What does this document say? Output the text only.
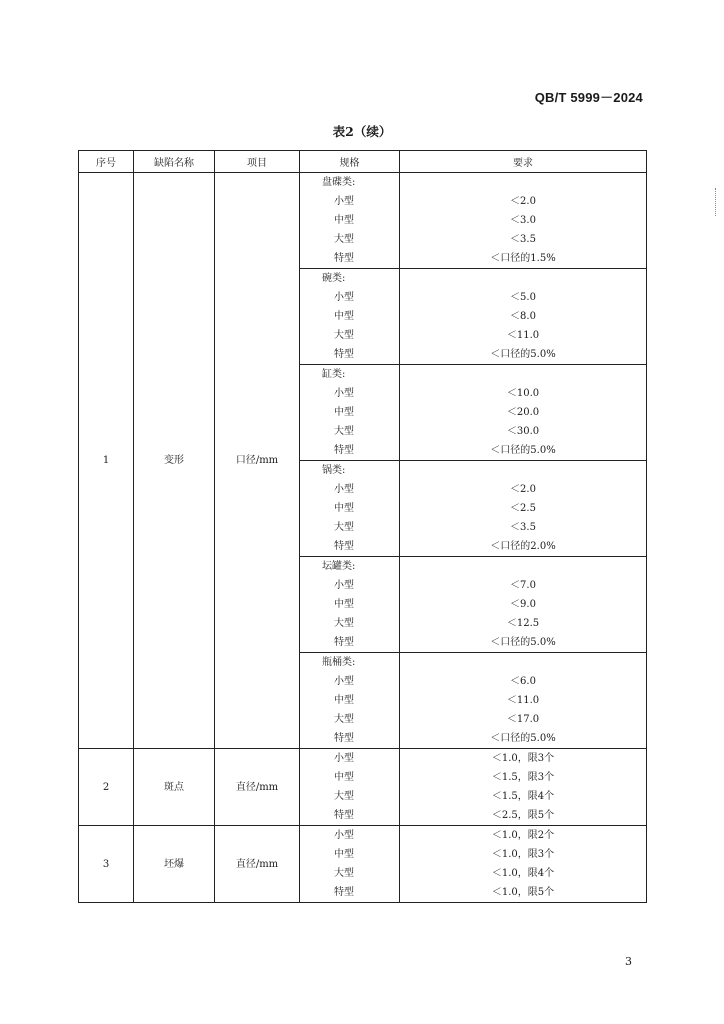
QB/T 5999－2024
表2（续）
序号	缺陷名称	项目	规格	要求
1	变形	口径/mm	盘碟类:	
			小型	＜2.0
			中型	＜3.0
			大型	＜3.5
			特型	＜口径的1.5%
			碗类:	
			小型	＜5.0
			中型	＜8.0
			大型	＜11.0
			特型	＜口径的5.0%
			缸类:	
			小型	＜10.0
			中型	＜20.0
			大型	＜30.0
			特型	＜口径的5.0%
			锅类:	
			小型	＜2.0
			中型	＜2.5
			大型	＜3.5
			特型	＜口径的2.0%
			坛罐类:	
			小型	＜7.0
			中型	＜9.0
			大型	＜12.5
			特型	＜口径的5.0%
			瓶桶类:	
			小型	＜6.0
			中型	＜11.0
			大型	＜17.0
			特型	＜口径的5.0%
2	斑点	直径/mm	小型	＜1.0，限3个
			中型	＜1.5，限3个
			大型	＜1.5，限4个
			特型	＜2.5，限5个
3	坯爆	直径/mm	小型	＜1.0，限2个
			中型	＜1.0，限3个
			大型	＜1.0，限4个
			特型	＜1.0，限5个
3
